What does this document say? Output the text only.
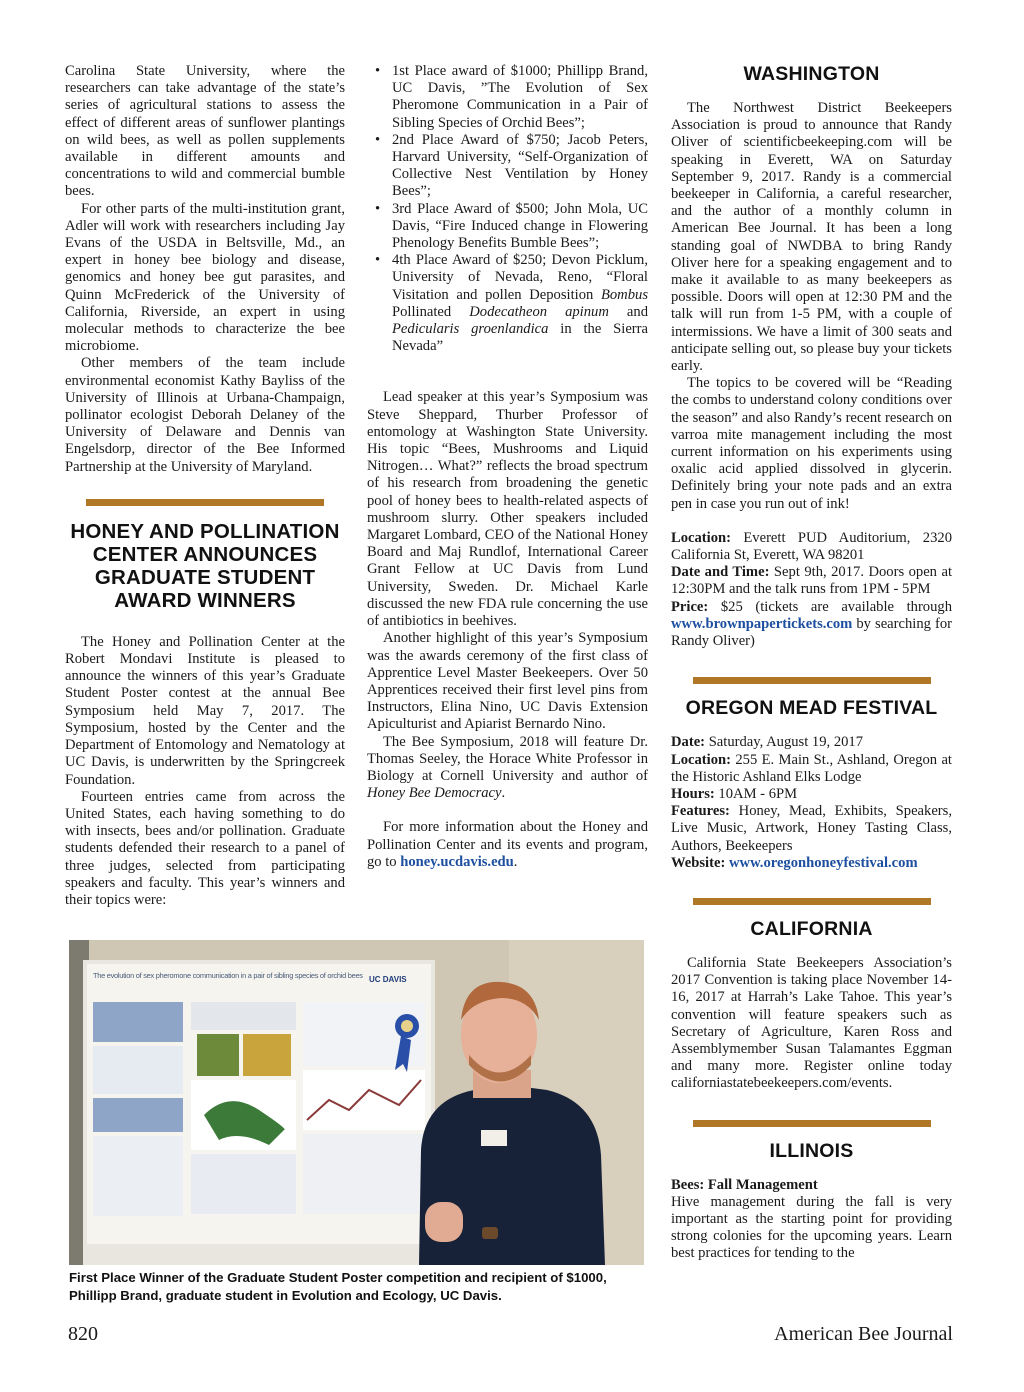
Carolina State University, where the researchers can take advantage of the state’s series of agricultural stations to assess the effect of different areas of sunflower plantings on wild bees, as well as pollen supplements available in different amounts and concentrations to wild and commercial bumble bees.

For other parts of the multi-institution grant, Adler will work with researchers including Jay Evans of the USDA in Beltsville, Md., an expert in honey bee biology and disease, genomics and honey bee gut parasites, and Quinn McFrederick of the University of California, Riverside, an expert in using molecular methods to characterize the bee microbiome.

Other members of the team include environmental economist Kathy Bayliss of the University of Illinois at Urbana-Champaign, pollinator ecologist Deborah Delaney of the University of Delaware and Dennis van Engelsdorp, director of the Bee Informed Partnership at the University of Maryland.

HONEY AND POLLINATION CENTER ANNOUNCES GRADUATE STUDENT AWARD WINNERS

The Honey and Pollination Center at the Robert Mondavi Institute is pleased to announce the winners of this year’s Graduate Student Poster contest at the annual Bee Symposium held May 7, 2017. The Symposium, hosted by the Center and the Department of Entomology and Nematology at UC Davis, is underwritten by the Springcreek Foundation.

Fourteen entries came from across the United States, each having something to do with insects, bees and/or pollination. Graduate students defended their research to a panel of three judges, selected from participating speakers and faculty. This year’s winners and their topics were:

• 1st Place award of $1000; Phillipp Brand, UC Davis, ”The Evolution of Sex Pheromone Communication in a Pair of Sibling Species of Orchid Bees”;
• 2nd Place Award of $750; Jacob Peters, Harvard University, “Self-Organization of Collective Nest Ventilation by Honey Bees”;
• 3rd Place Award of $500; John Mola, UC Davis, “Fire Induced change in Flowering Phenology Benefits Bumble Bees”;
• 4th Place Award of $250; Devon Picklum, University of Nevada, Reno, “Floral Visitation and pollen Deposition Bombus Pollinated Dodecatheon apinum and Pedicularis groenlandica in the Sierra Nevada”

Lead speaker at this year’s Symposium was Steve Sheppard, Thurber Professor of entomology at Washington State University. His topic “Bees, Mushrooms and Liquid Nitrogen… What?” reflects the broad spectrum of his research from broadening the genetic pool of honey bees to health-related aspects of mushroom slurry. Other speakers included Margaret Lombard, CEO of the National Honey Board and Maj Rundlof, International Career Grant Fellow at UC Davis from Lund University, Sweden. Dr. Michael Karle discussed the new FDA rule concerning the use of antibiotics in beehives.

Another highlight of this year’s Symposium was the awards ceremony of the first class of Apprentice Level Master Beekeepers. Over 50 Apprentices received their first level pins from Instructors, Elina Nino, UC Davis Extension Apiculturist and Apiarist Bernardo Nino.

The Bee Symposium, 2018 will feature Dr. Thomas Seeley, the Horace White Professor in Biology at Cornell University and author of Honey Bee Democracy.

For more information about the Honey and Pollination Center and its events and program, go to honey.ucdavis.edu.

WASHINGTON

The Northwest District Beekeepers Association is proud to announce that Randy Oliver of scientificbeekeeping.com will be speaking in Everett, WA on Saturday September 9, 2017. Randy is a commercial beekeeper in California, a careful researcher, and the author of a monthly column in American Bee Journal. It has been a long standing goal of NWDBA to bring Randy Oliver here for a speaking engagement and to make it available to as many beekeepers as possible. Doors will open at 12:30 PM and the talk will run from 1-5 PM, with a couple of intermissions. We have a limit of 300 seats and anticipate selling out, so please buy your tickets early.

The topics to be covered will be “Reading the combs to understand colony conditions over the season” and also Randy’s recent research on varroa mite management including the most current information on his experiments using oxalic acid applied dissolved in glycerin. Definitely bring your note pads and an extra pen in case you run out of ink!

Location: Everett PUD Auditorium, 2320 California St, Everett, WA 98201

Date and Time: Sept 9th, 2017. Doors open at 12:30PM and the talk runs from 1PM - 5PM

Price: $25 (tickets are available through www.brownpapertickets.com by searching for Randy Oliver)

OREGON MEAD FESTIVAL

Date: Saturday, August 19, 2017

Location: 255 E. Main St., Ashland, Oregon at the Historic Ashland Elks Lodge

Hours: 10AM - 6PM

Features: Honey, Mead, Exhibits, Speakers, Live Music, Artwork, Honey Tasting Class, Authors, Beekeepers

Website: www.oregonhoneyfestival.com

CALIFORNIA

California State Beekeepers Association’s 2017 Convention is taking place November 14-16, 2017 at Harrah’s Lake Tahoe. This year’s convention will feature speakers such as Secretary of Agriculture, Karen Ross and Assemblymember Susan Talamantes Eggman and many more. Register online today californiastatebeekeepers.com/events.

ILLINOIS

Bees: Fall Management

Hive management during the fall is very important as the starting point for providing strong colonies for the upcoming years. Learn best practices for tending to the

The evolution of sex pheromone communication in a pair of sibling species of orchid bees UC DAVIS
First Place Winner of the Graduate Student Poster competition and recipient of $1000, Phillipp Brand, graduate student in Evolution and Ecology, UC Davis.
820	American Bee Journal
